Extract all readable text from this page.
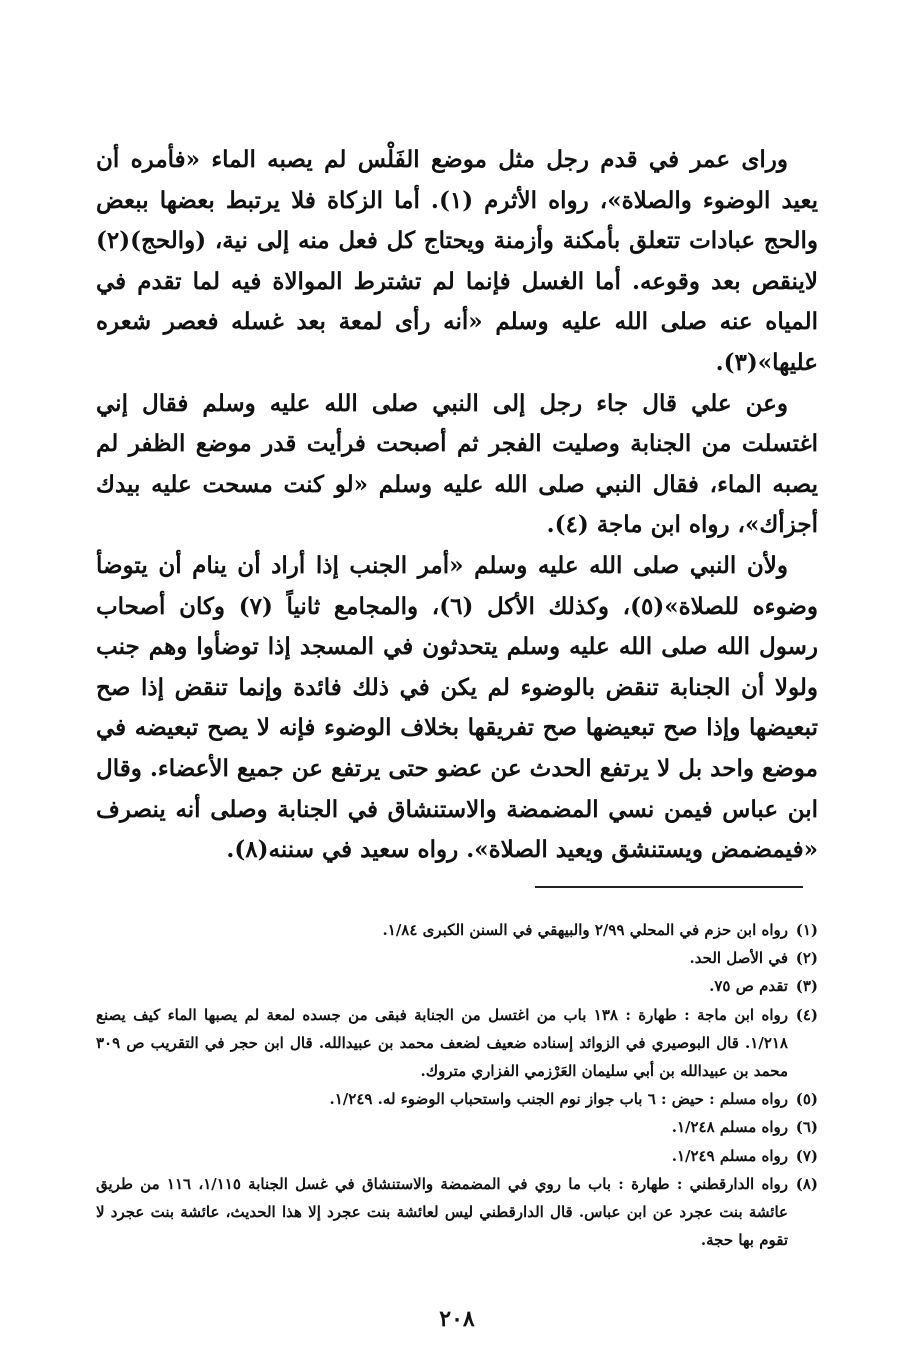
وراى عمر في قدم رجل مثل موضع الفَلْس لم يصبه الماء «فأمره أن يعيد الوضوء والصلاة»، رواه الأثرم (١). أما الزكاة فلا يرتبط بعضها ببعض والحج عبادات تتعلق بأمكنة وأزمنة ويحتاج كل فعل منه إلى نية، (والحج)(٢) لاينقص بعد وقوعه. أما الغسل فإنما لم تشترط الموالاة فيه لما تقدم في المياه عنه صلى الله عليه وسلم «أنه رأى لمعة بعد غسله فعصر شعره عليها»(٣).

وعن علي قال جاء رجل إلى النبي صلى الله عليه وسلم فقال إني اغتسلت من الجنابة وصليت الفجر ثم أصبحت فرأيت قدر موضع الظفر لم يصبه الماء، فقال النبي صلى الله عليه وسلم «لو كنت مسحت عليه بيدك أجزأك»، رواه ابن ماجة (٤).

ولأن النبي صلى الله عليه وسلم «أمر الجنب إذا أراد أن ينام أن يتوضأ وضوءه للصلاة»(٥)، وكذلك الأكل (٦)، والمجامع ثانياً (٧) وكان أصحاب رسول الله صلى الله عليه وسلم يتحدثون في المسجد إذا توضأوا وهم جنب ولولا أن الجنابة تنقض بالوضوء لم يكن في ذلك فائدة وإنما تنقض إذا صح تبعيضها وإذا صح تبعيضها صح تفريقها بخلاف الوضوء فإنه لا يصح تبعيضه في موضع واحد بل لا يرتفع الحدث عن عضو حتى يرتفع عن جميع الأعضاء. وقال ابن عباس فيمن نسي المضمضة والاستنشاق في الجنابة وصلى أنه ينصرف «فيمضمض ويستنشق ويعيد الصلاة». رواه سعيد في سننه(٨).

(١)
رواه ابن حزم في المحلي ٢/٩٩ والبيهقي في السنن الكبرى ١/٨٤.

(٢)
في الأصل الحد.

(٣)
تقدم ص ٧٥.

(٤)
رواه ابن ماجة : طهارة : ١٣٨ باب من اغتسل من الجنابة فبقى من جسده لمعة لم يصبها الماء كيف يصنع ١/٢١٨. قال البوصيري في الزوائد إسناده ضعيف لضعف محمد بن عبيدالله. قال ابن حجر في التقريب ص ٣٠٩ محمد بن عبيدالله بن أبي سليمان العَرْزمي الفزاري متروك.

(٥)
رواه مسلم : حيض : ٦ باب جواز نوم الجنب واستحباب الوضوء له. ١/٢٤٩.

(٦)
رواه مسلم ١/٢٤٨.

(٧)
رواه مسلم ١/٢٤٩.

(٨)
رواه الدارقطني : طهارة : باب ما روي في المضمضة والاستنشاق في غسل الجنابة ١/١١٥، ١١٦ من طريق عائشة بنت عجرد عن ابن عباس. قال الدارقطني ليس لعائشة بنت عجرد إلا هذا الحديث، عائشة بنت عجرد لا تقوم بها حجة.

٢٠٨
